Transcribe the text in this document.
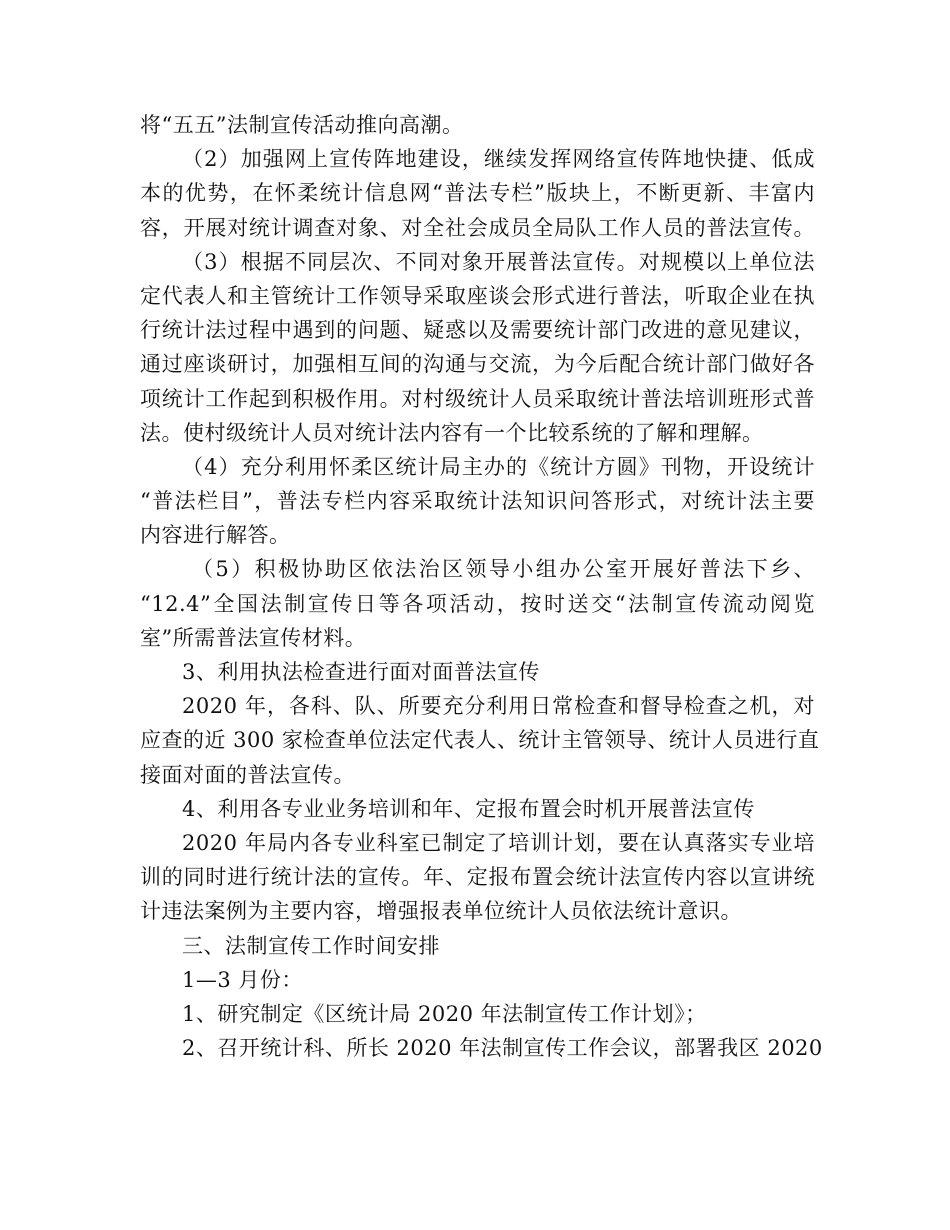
将“五五”法制宣传活动推向高潮。
（2）加强网上宣传阵地建设，继续发挥网络宣传阵地快捷、低成
本的优势，在怀柔统计信息网“普法专栏”版块上，不断更新、丰富内
容，开展对统计调查对象、对全社会成员全局队工作人员的普法宣传。
（3）根据不同层次、不同对象开展普法宣传。对规模以上单位法
定代表人和主管统计工作领导采取座谈会形式进行普法，听取企业在执
行统计法过程中遇到的问题、疑惑以及需要统计部门改进的意见建议，
通过座谈研讨，加强相互间的沟通与交流，为今后配合统计部门做好各
项统计工作起到积极作用。对村级统计人员采取统计普法培训班形式普
法。使村级统计人员对统计法内容有一个比较系统的了解和理解。
（4）充分利用怀柔区统计局主办的《统计方圆》刊物，开设统计
“普法栏目”，普法专栏内容采取统计法知识问答形式，对统计法主要
内容进行解答。
（5）积极协助区依法治区领导小组办公室开展好普法下乡、
“12.4”全国法制宣传日等各项活动，按时送交“法制宣传流动阅览
室”所需普法宣传材料。
3、利用执法检查进行面对面普法宣传
2020 年，各科、队、所要充分利用日常检查和督导检查之机，对
应查的近 300 家检查单位法定代表人、统计主管领导、统计人员进行直
接面对面的普法宣传。
4、利用各专业业务培训和年、定报布置会时机开展普法宣传
2020 年局内各专业科室已制定了培训计划，要在认真落实专业培
训的同时进行统计法的宣传。年、定报布置会统计法宣传内容以宣讲统
计违法案例为主要内容，增强报表单位统计人员依法统计意识。
三、法制宣传工作时间安排
1—3 月份：
1、研究制定《区统计局 2020 年法制宣传工作计划》；
2、召开统计科、所长 2020 年法制宣传工作会议，部署我区 2020
